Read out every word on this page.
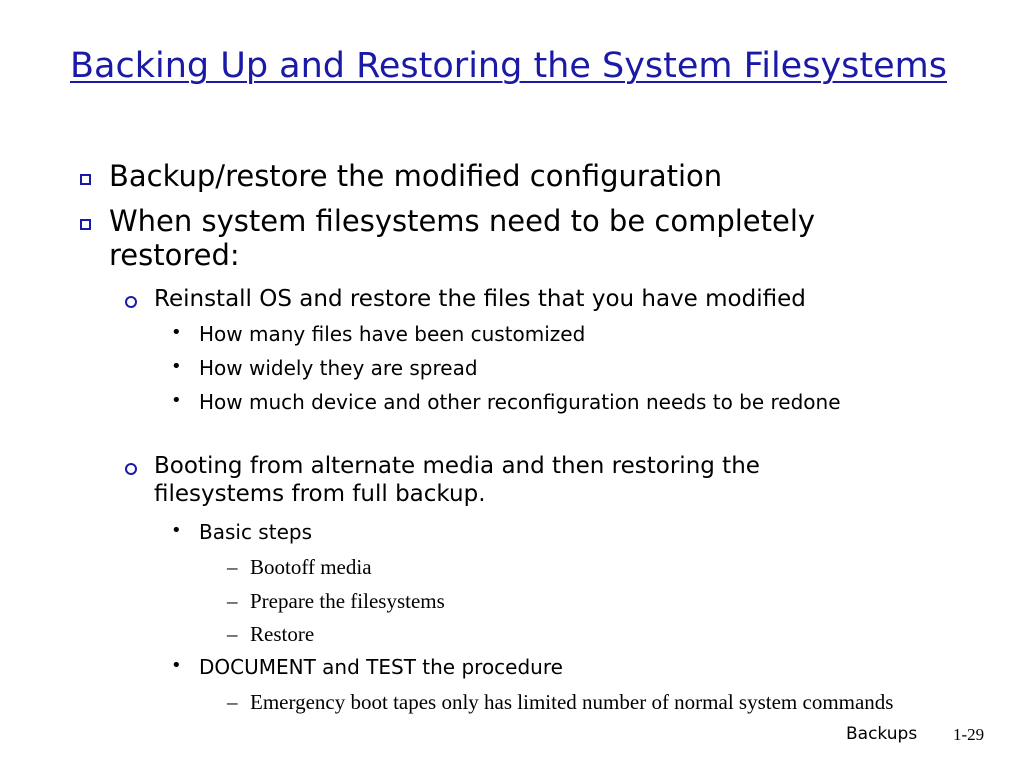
Backing Up and Restoring the System Filesystems
Backup/restore the modified configuration
When system filesystems need to be completely restored:
Reinstall OS and restore the files that you have modified
• How many files have been customized
• How widely they are spread
• How much device and other reconfiguration needs to be redone
Booting from alternate media and then restoring the filesystems from full backup.
• Basic steps
– Bootoff media
– Prepare the filesystems
– Restore
• DOCUMENT and TEST the procedure
– Emergency boot tapes only has limited number of normal system commands
Backups 1-29
